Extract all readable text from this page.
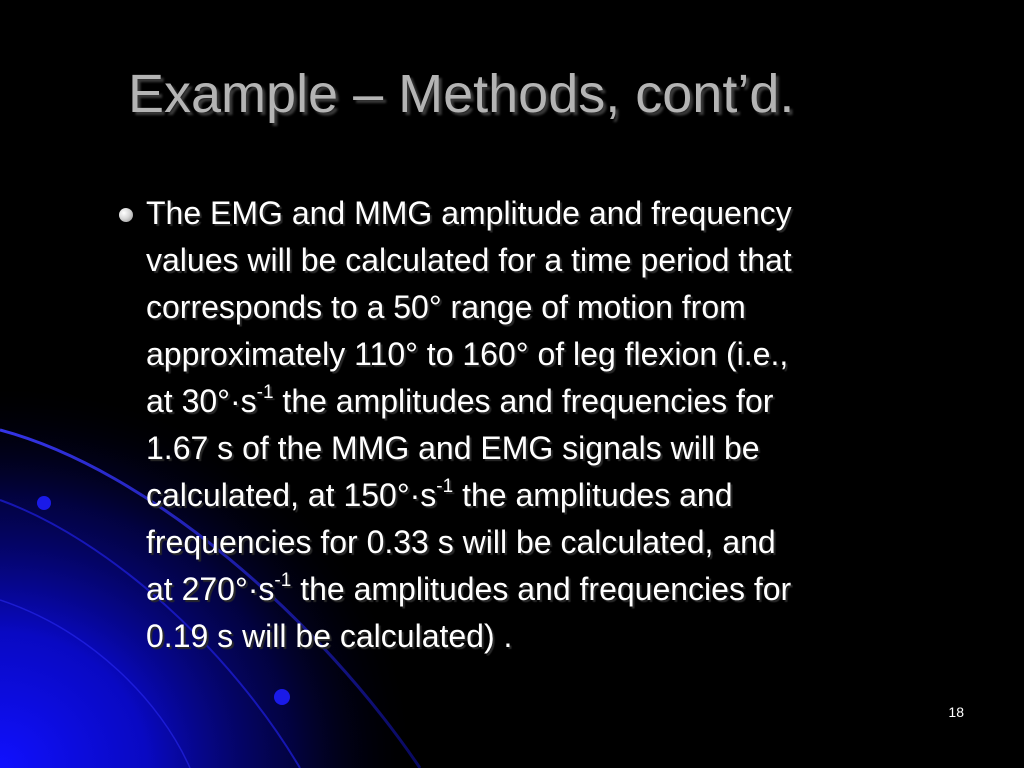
Example – Methods, cont’d.
The EMG and MMG amplitude and frequency
values will be calculated for a time period that
corresponds to a 50° range of motion from
approximately 110° to 160° of leg flexion (i.e.,
at $30^\circ\cdot s^{-1}$ the amplitudes and frequencies for
1.67 s of the MMG and EMG signals will be
calculated, at $150^\circ\cdot s^{-1}$ the amplitudes and
frequencies for 0.33 s will be calculated, and
at $270^\circ\cdot s^{-1}$ the amplitudes and frequencies for
0.19 s will be calculated) .
18
